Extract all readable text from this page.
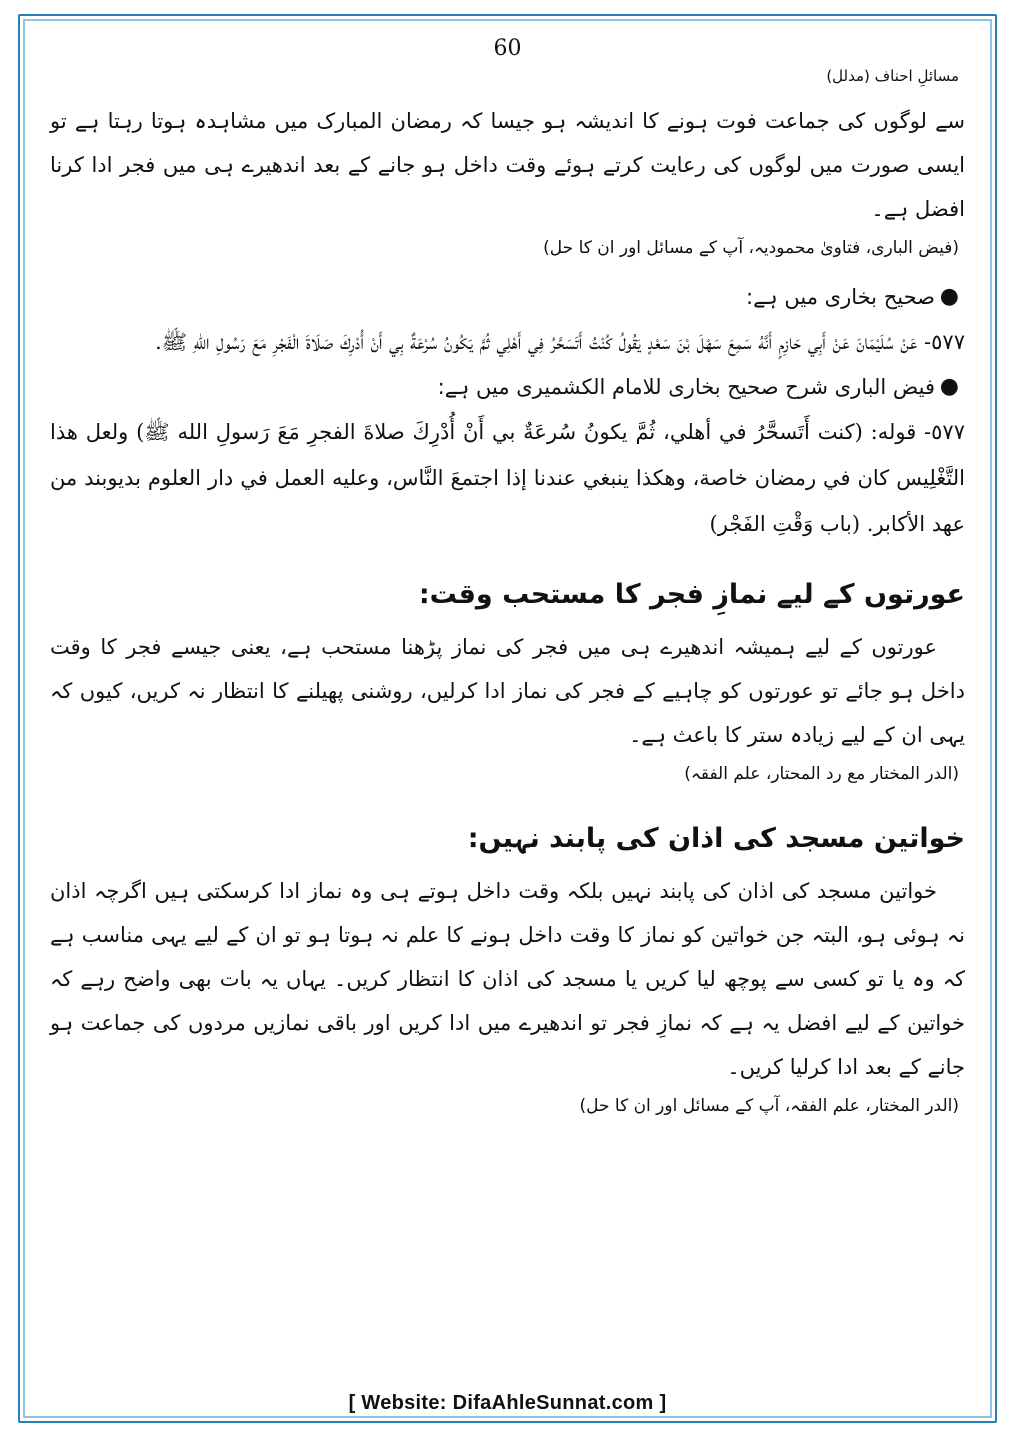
60
مسائلِ احناف (مدلل)

سے لوگوں کی جماعت فوت ہونے کا اندیشہ ہو جیسا کہ رمضان المبارک میں مشاہدہ ہوتا رہتا ہے تو ایسی صورت میں لوگوں کی رعایت کرتے ہوئے وقت داخل ہو جانے کے بعد اندھیرے ہی میں فجر ادا کرنا افضل ہے۔

(فیض الباری، فتاویٰ محمودیہ، آپ کے مسائل اور ان کا حل)

●
صحیح بخاری میں ہے:

٥٧٧- عَنْ سُلَيْمَانَ عَنْ أَبِي حَازِمٍ أَنَّهُ سَمِعَ سَهْلَ بْنَ سَعْدٍ يَقُولُ كُنْتُ أَتَسَحَّرُ فِي أَهْلِي ثُمَّ يَكُونُ سُرْعَةٌ بِي أَنْ أُدْرِكَ صَلَاةَ الْفَجْرِ مَعَ رَسُولِ اللهِ ﷺ.

●
فیض الباری شرح صحیح بخاری للامام الکشمیری میں ہے:

٥٧٧- قوله: (كنت أَتَسحَّرُ في أهلي، ثُمَّ يكونُ سُرعَةٌ بي أَنْ أُدْرِكَ صلاةَ الفجرِ مَعَ رَسولِ الله ﷺ) ولعل هذا التَّغْلِيس كان في رمضان خاصة، وهكذا ينبغي عندنا إذا اجتمعَ النَّاس، وعليه العمل في دار العلوم بديوبند من عهد الأكابر. (باب وَقْتِ الفَجْر)

عورتوں کے لیے نمازِ فجر کا مستحب وقت:

عورتوں کے لیے ہمیشہ اندھیرے ہی میں فجر کی نماز پڑھنا مستحب ہے، یعنی جیسے فجر کا وقت داخل ہو جائے تو عورتوں کو چاہیے کے فجر کی نماز ادا کرلیں، روشنی پھیلنے کا انتظار نہ کریں، کیوں کہ یہی ان کے لیے زیادہ ستر کا باعث ہے۔

(الدر المختار مع رد المحتار، علم الفقہ)

خواتین مسجد کی اذان کی پابند نہیں:

خواتین مسجد کی اذان کی پابند نہیں بلکہ وقت داخل ہوتے ہی وہ نماز ادا کرسکتی ہیں اگرچہ اذان نہ ہوئی ہو، البتہ جن خواتین کو نماز کا وقت داخل ہونے کا علم نہ ہوتا ہو تو ان کے لیے یہی مناسب ہے کہ وہ یا تو کسی سے پوچھ لیا کریں یا مسجد کی اذان کا انتظار کریں۔ یہاں یہ بات بھی واضح رہے کہ خواتین کے لیے افضل یہ ہے کہ نمازِ فجر تو اندھیرے میں ادا کریں اور باقی نمازیں مردوں کی جماعت ہو جانے کے بعد ادا کرلیا کریں۔

(الدر المختار، علم الفقہ، آپ کے مسائل اور ان کا حل)

[ Website: DifaAhleSunnat.com ]
